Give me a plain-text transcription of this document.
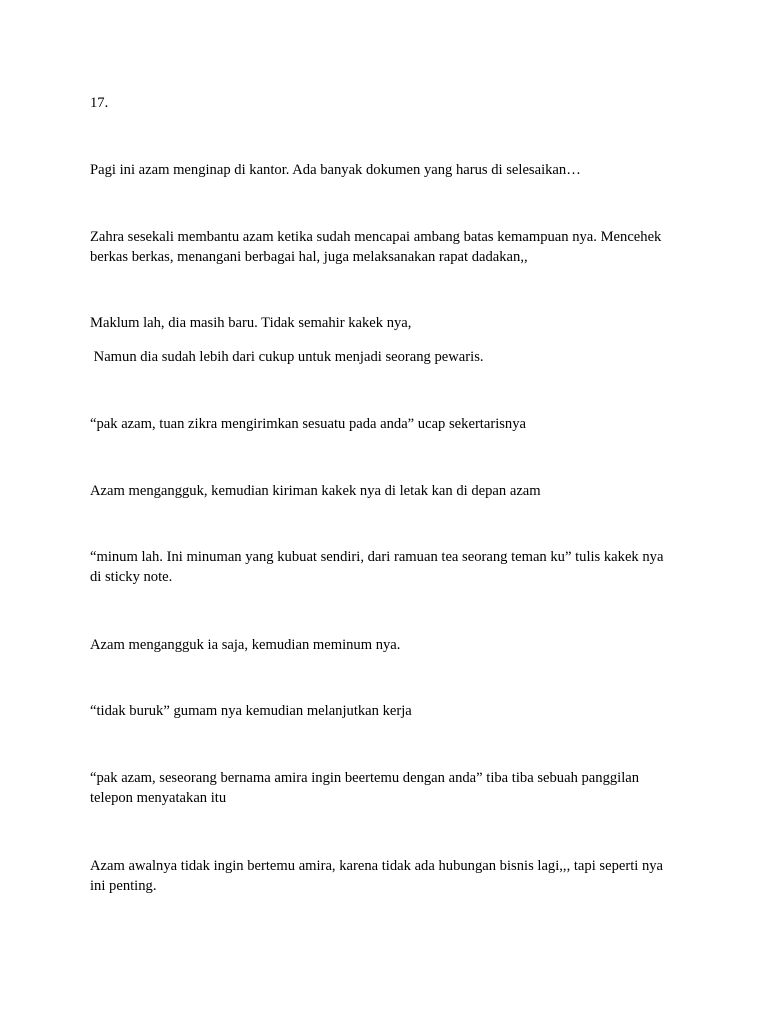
17.

Pagi ini azam menginap di kantor. Ada banyak dokumen yang harus di selesaikan…

Zahra sesekali membantu azam ketika sudah mencapai ambang batas kemampuan nya. Mencehek berkas berkas, menangani berbagai hal, juga melaksanakan rapat dadakan,,

Maklum lah, dia masih baru. Tidak semahir kakek nya,

Namun dia sudah lebih dari cukup untuk menjadi seorang pewaris.

“pak azam, tuan zikra mengirimkan sesuatu pada anda” ucap sekertarisnya

Azam mengangguk, kemudian kiriman kakek nya di letak kan di depan azam

“minum lah. Ini minuman yang kubuat sendiri, dari ramuan tea seorang teman ku” tulis kakek nya di sticky note.

Azam mengangguk ia saja, kemudian meminum nya.

“tidak buruk” gumam nya kemudian melanjutkan kerja

“pak azam, seseorang bernama amira ingin beertemu dengan anda” tiba tiba sebuah panggilan telepon menyatakan itu

Azam awalnya tidak ingin bertemu amira, karena tidak ada hubungan bisnis lagi,,, tapi seperti nya ini penting.
